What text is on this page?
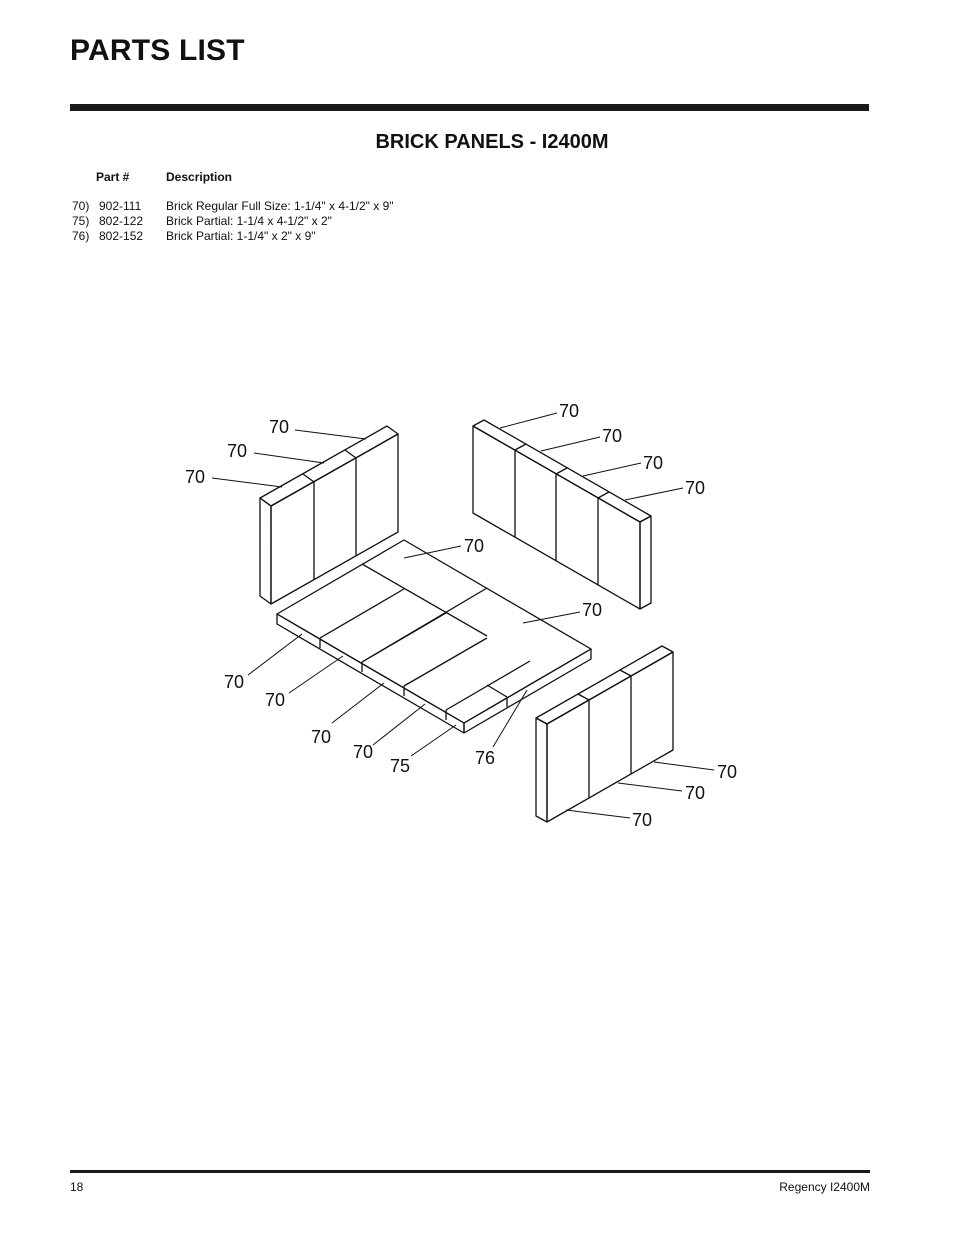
PARTS LIST
BRICK PANELS - I2400M
Part #	Description
70) 902-111 Brick Regular Full Size: 1-1/4" x 4-1/2" x 9"
75) 802-122 Brick Partial: 1-1/4 x 4-1/2" x 2"
76) 802-152 Brick Partial: 1-1/4" x 2" x 9"
70
70
70
70
70
70
70
70
70
70
70
70
70
75	76
70
70
70
18	Regency I2400M
